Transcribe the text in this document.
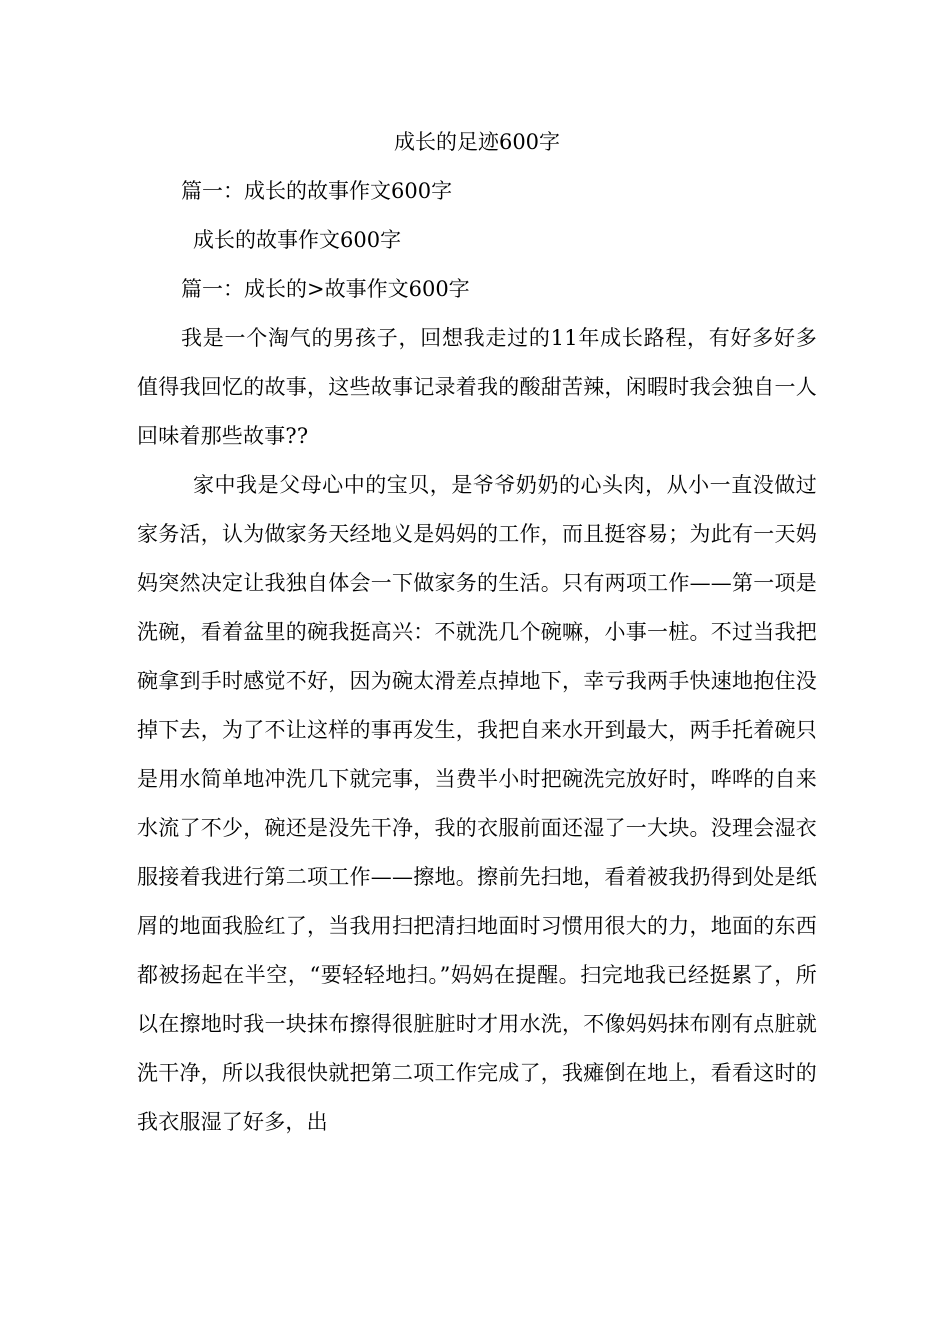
成长的足迹600字
篇一：成长的故事作文600字
成长的故事作文600字
篇一：成长的>故事作文600字
我是一个淘气的男孩子，回想我走过的11年成长路程，有好多好多值得我回忆的故事，这些故事记录着我的酸甜苦辣，闲暇时我会独自一人回味着那些故事??
家中我是父母心中的宝贝，是爷爷奶奶的心头肉，从小一直没做过家务活，认为做家务天经地义是妈妈的工作，而且挺容易；为此有一天妈妈突然决定让我独自体会一下做家务的生活。只有两项工作——第一项是洗碗，看着盆里的碗我挺高兴：不就洗几个碗嘛，小事一桩。不过当我把碗拿到手时感觉不好，因为碗太滑差点掉地下，幸亏我两手快速地抱住没掉下去，为了不让这样的事再发生，我把自来水开到最大，两手托着碗只是用水简单地冲洗几下就完事，当费半小时把碗洗完放好时，哗哗的自来水流了不少，碗还是没先干净，我的衣服前面还湿了一大块。没理会湿衣服接着我进行第二项工作——擦地。擦前先扫地，看着被我扔得到处是纸屑的地面我脸红了，当我用扫把清扫地面时习惯用很大的力，地面的东西都被扬起在半空，“要轻轻地扫。”妈妈在提醒。扫完地我已经挺累了，所以在擦地时我一块抹布擦得很脏脏时才用水洗，不像妈妈抹布刚有点脏就洗干净，所以我很快就把第二项工作完成了，我瘫倒在地上，看看这时的我衣服湿了好多，出
